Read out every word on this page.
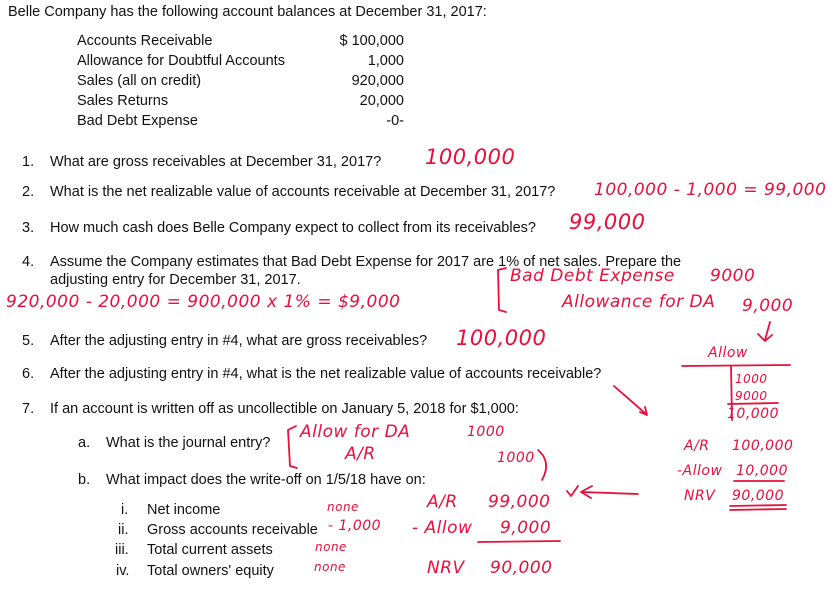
Belle Company has the following account balances at December 31, 2017:
Accounts Receivable	$ 100,000
Allowance for Doubtful Accounts	1,000
Sales (all on credit)	920,000
Sales Returns	20,000
Bad Debt Expense	-0-
1. What are gross receivables at December 31, 2017? 100,000
2. What is the net realizable value of accounts receivable at December 31, 2017? 100,000 - 1,000 = 99,000
3. How much cash does Belle Company expect to collect from its receivables? 99,000
4. Assume the Company estimates that Bad Debt Expense for 2017 are 1% of net sales. Prepare the
adjusting entry for December 31, 2017.
920,000 - 20,000 = 900,000 x 1% = $9,000
Bad Debt Expense 9000
Allowance for DA 9,000
5. After the adjusting entry in #4, what are gross receivables? 100,000
6. After the adjusting entry in #4, what is the net realizable value of accounts receivable?
7. If an account is written off as uncollectible on January 5, 2018 for $1,000:
a. What is the journal entry?
Allow for DA	1000
A/R	1000
b. What impact does the write-off on 1/5/18 have on:
i. Net income	none
ii. Gross accounts receivable - 1,000
iii. Total current assets	none
iv. Total owners' equity	none
A/R 99,000
- Allow 9,000
NRV 90,000
Allow
1000
9000
10,000
A/R 100,000
-Allow 10,000
NRV 90,000
